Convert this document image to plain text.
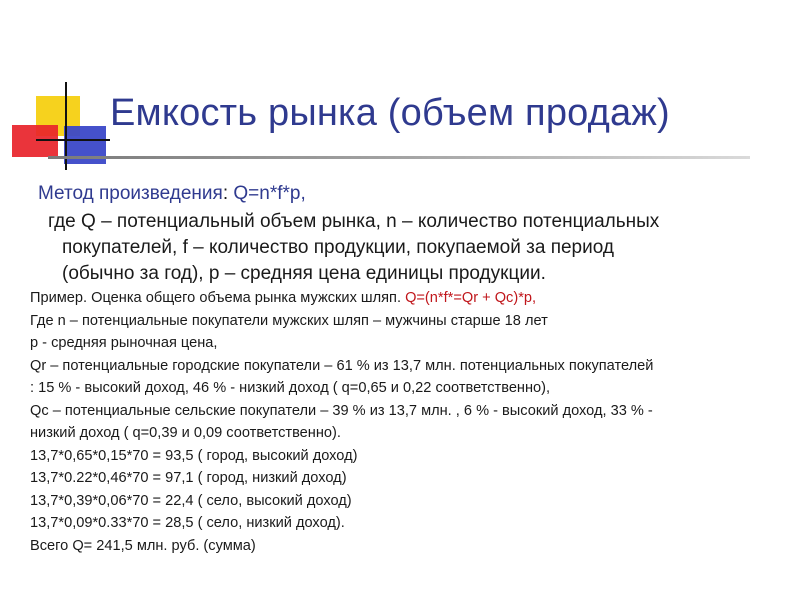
Емкость рынка (объем продаж)
Метод произведения: Q=n*f*p,
где Q – потенциальный объем рынка, n – количество потенциальных
покупателей, f – количество продукции, покупаемой за период
(обычно за год), р – средняя цена единицы продукции.
Пример. Оценка общего объема рынка мужских шляп. Q=(n*f*=Qr + Qc)*p,
Где n – потенциальные покупатели мужских шляп – мужчины старше 18 лет
p - средняя рыночная цена,
Qr – потенциальные городские покупатели – 61 % из 13,7 млн. потенциальных покупателей
: 15 % - высокий доход, 46 % - низкий доход ( q=0,65 и 0,22 соответственно),
Qc – потенциальные сельские покупатели – 39 % из 13,7 млн. , 6 % - высокий доход, 33 % -
низкий доход ( q=0,39 и 0,09 соответственно).
13,7*0,65*0,15*70 = 93,5 ( город, высокий доход)
13,7*0.22*0,46*70 = 97,1 ( город, низкий доход)
13,7*0,39*0,06*70 = 22,4 ( село, высокий доход)
13,7*0,09*0.33*70 = 28,5 ( село, низкий доход).
Всего Q= 241,5 млн. руб. (сумма)
